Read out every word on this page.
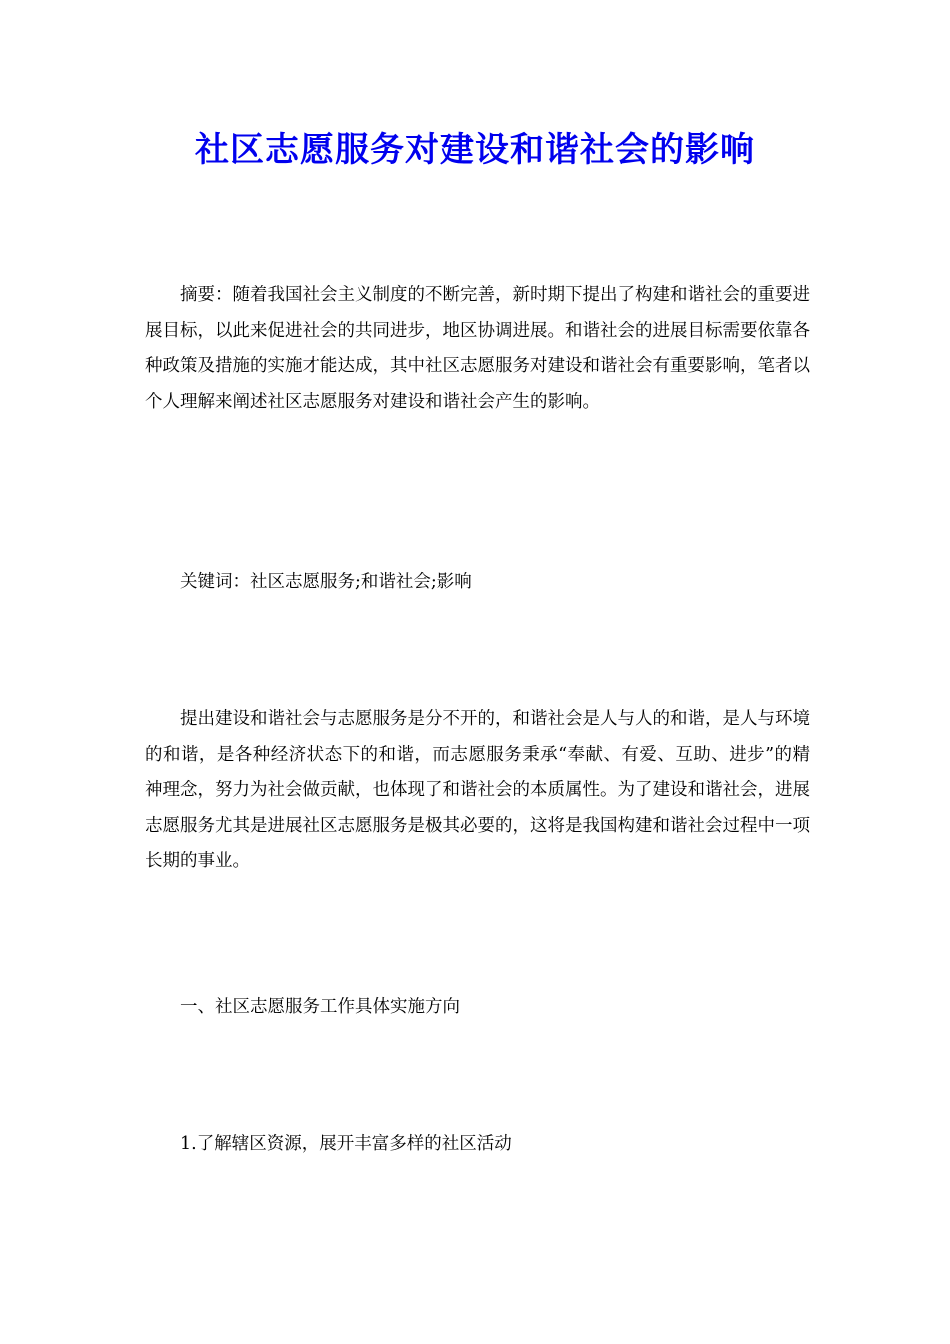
社区志愿服务对建设和谐社会的影响

摘要：随着我国社会主义制度的不断完善，新时期下提出了构建和谐社会的重要进展目标，以此来促进社会的共同进步，地区协调进展。和谐社会的进展目标需要依靠各种政策及措施的实施才能达成，其中社区志愿服务对建设和谐社会有重要影响，笔者以个人理解来阐述社区志愿服务对建设和谐社会产生的影响。

关键词：社区志愿服务;和谐社会;影响

提出建设和谐社会与志愿服务是分不开的，和谐社会是人与人的和谐，是人与环境的和谐，是各种经济状态下的和谐，而志愿服务秉承“奉献、有爱、互助、进步”的精神理念，努力为社会做贡献，也体现了和谐社会的本质属性。为了建设和谐社会，进展志愿服务尤其是进展社区志愿服务是极其必要的，这将是我国构建和谐社会过程中一项长期的事业。

一、社区志愿服务工作具体实施方向

1.了解辖区资源，展开丰富多样的社区活动
